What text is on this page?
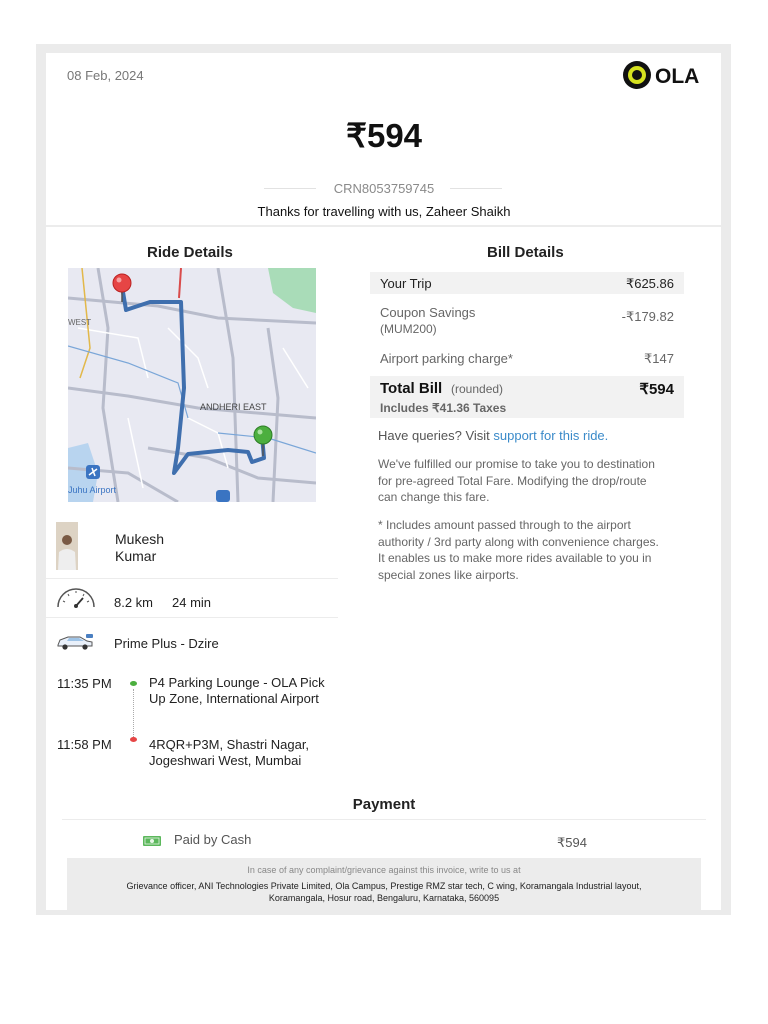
08 Feb, 2024	OLA
₹594
CRN8053759745
Thanks for travelling with us, Zaheer Shaikh
Ride Details
ANDHERI EAST
WEST
Juhu Airport
Mukesh
Kumar
8.2 km 24 min
Prime Plus - Dzire
11:35 PM	P4 Parking Lounge - OLA Pick Up Zone, International Airport
11:58 PM	4RQR+P3M, Shastri Nagar, Jogeshwari West, Mumbai
Bill Details
Your Trip	₹625.86
Coupon Savings
(MUM200)
-₹179.82
Airport parking charge*	₹147
Total Bill (rounded)	₹594
Includes ₹41.36 Taxes
Have queries? Visit support for this ride.
We've fulfilled our promise to take you to destination for pre-agreed Total Fare. Modifying the drop/route can change this fare.
* Includes amount passed through to the airport authority / 3rd party along with convenience charges. It enables us to make more rides available to you in special zones like airports.
Payment
Paid by Cash	₹594
In case of any complaint/grievance against this invoice, write to us at
Grievance officer, ANI Technologies Private Limited, Ola Campus, Prestige RMZ star tech, C wing, Koramangala Industrial layout, Koramangala, Hosur road, Bengaluru, Karnataka, 560095
